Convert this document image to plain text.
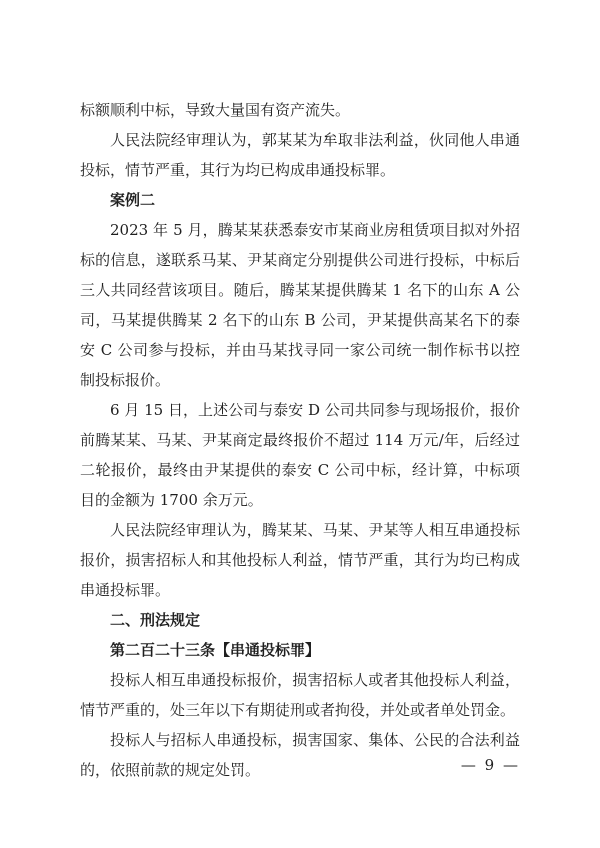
标额顺利中标，导致大量国有资产流失。

人民法院经审理认为，郭某某为牟取非法利益，伙同他人串通投标，情节严重，其行为均已构成串通投标罪。

案例二

2023 年 5 月，腾某某获悉泰安市某商业房租赁项目拟对外招标的信息，遂联系马某、尹某商定分别提供公司进行投标，中标后三人共同经营该项目。随后，腾某某提供腾某 1 名下的山东 A 公司，马某提供腾某 2 名下的山东 B 公司，尹某提供高某名下的泰安 C 公司参与投标，并由马某找寻同一家公司统一制作标书以控制投标报价。

6 月 15 日，上述公司与泰安 D 公司共同参与现场报价，报价前腾某某、马某、尹某商定最终报价不超过 114 万元/年，后经过二轮报价，最终由尹某提供的泰安 C 公司中标，经计算，中标项目的金额为 1700 余万元。

人民法院经审理认为，腾某某、马某、尹某等人相互串通投标报价，损害招标人和其他投标人利益，情节严重，其行为均已构成串通投标罪。

二、刑法规定

第二百二十三条【串通投标罪】

投标人相互串通投标报价，损害招标人或者其他投标人利益，情节严重的，处三年以下有期徒刑或者拘役，并处或者单处罚金。

投标人与招标人串通投标，损害国家、集体、公民的合法利益的，依照前款的规定处罚。	— 9 —
